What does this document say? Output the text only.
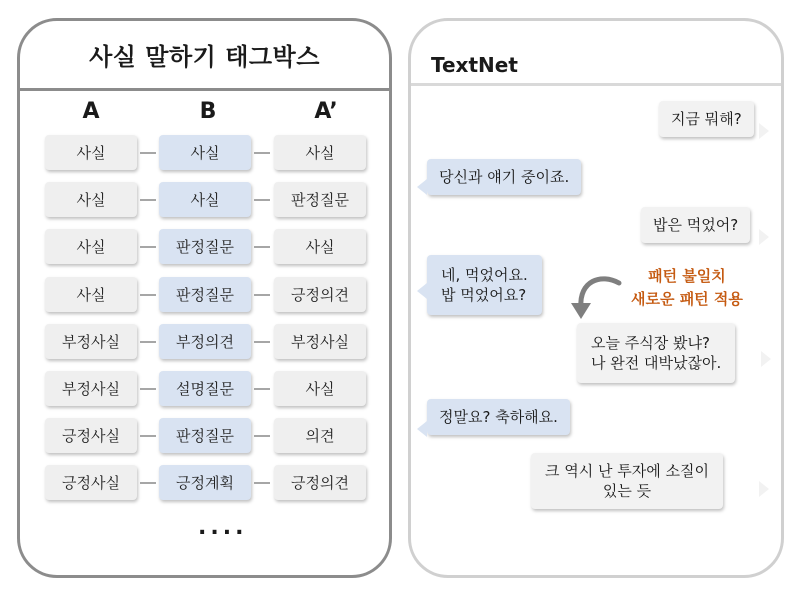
사실 말하기 태그박스
A	B	A’
사실	사실	사실
사실	사실	판정질문
사실	판정질문	사실
사실	판정질문	긍정의견
부정사실	부정의견	부정사실
부정사실	설명질문	사실
긍정사실	판정질문	의견
긍정사실	긍정계획	긍정의견
....
TextNet
지금 뭐해?
당신과 얘기 중이죠.
밥은 먹었어?
네, 먹었어요.
밥 먹었어요?
패턴 불일치
새로운 패턴 적용
오늘 주식장 봤냐?
나 완전 대박났잖아.
정말요? 축하해요.
크 역시 난 투자에 소질이
있는 듯
